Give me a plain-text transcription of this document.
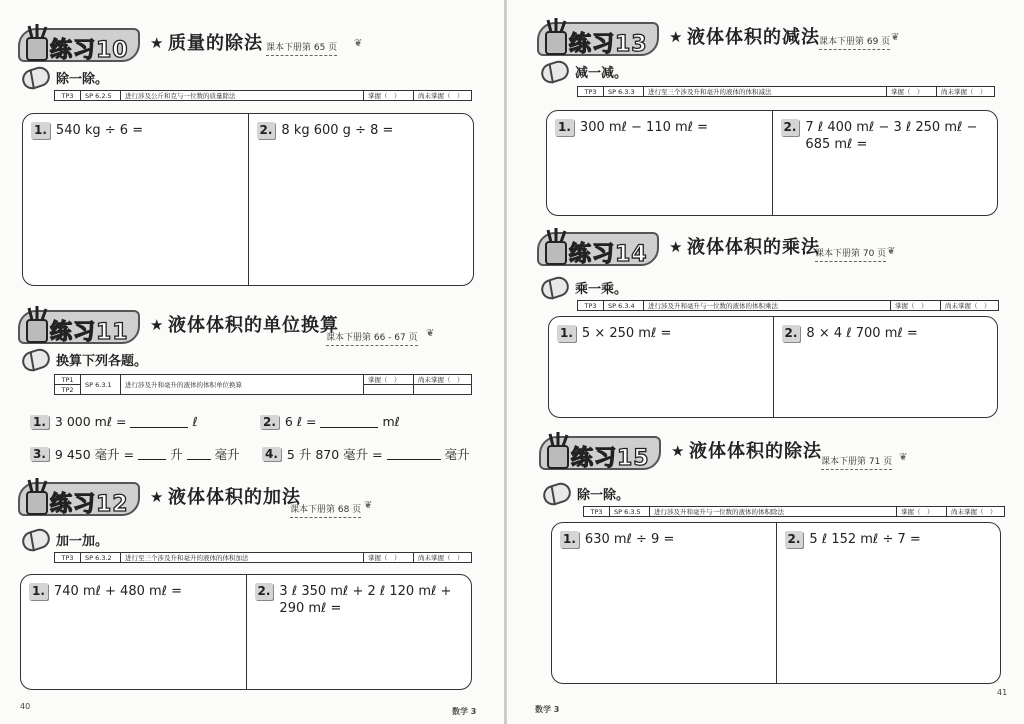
练习10 ★ 质量的除法 课本下册第 65 页 ❦
除一除。
TP3	SP 6.2.5	进行涉及公斤和克与一位数的质量除法	掌握（　）	尚未掌握（　）
1. 540 kg ÷ 6 =	2. 8 kg 600 g ÷ 8 =
练习11 ★ 液体体积的单位换算
课本下册第 66 - 67 页 ❦
换算下列各题。
TP1	SP 6.3.1	进行涉及升和毫升的液体的体积单位换算	掌握（　）	尚未掌握（　）
TP2				
1. 3 000 mℓ =	ℓ	2. 6 ℓ =	mℓ
3. 9 450 毫升 =	升	毫升 4. 5 升 870 毫升 =	毫升
练习12 ★ 液体体积的加法
课本下册第 68 页 ❦
加一加。
TP3	SP 6.3.2	进行至三个涉及升和毫升的液体的体积加法	掌握（　）	尚未掌握（　）
1. 740 mℓ + 480 mℓ =	2. 3 ℓ 350 mℓ + 2 ℓ 120 mℓ +
290 mℓ =
40
数学 3
练习13 ★ 液体体积的减法 课本下册第 69 页 ❦
减一减。
TP3	SP 6.3.3	进行至三个涉及升和毫升的液体的体积减法	掌握（　）	尚未掌握（　）
1. 300 mℓ − 110 mℓ =	2. 7 ℓ 400 mℓ − 3 ℓ 250 mℓ −
685 mℓ =
练习14 ★ 液体体积的乘法
课本下册第 70 页 ❦
乘一乘。
TP3	SP 6.3.4	进行涉及升和毫升与一位数的液体的体积乘法	掌握（　）	尚未掌握（　）
1. 5 × 250 mℓ =	2. 8 × 4 ℓ 700 mℓ =
练习15 ★ 液体体积的除法 课本下册第 71 页 ❦
除一除。
TP3	SP 6.3.5	进行涉及升和毫升与一位数的液体的体积除法	掌握（　）	尚未掌握（　）
1. 630 mℓ ÷ 9 =	2. 5 ℓ 152 mℓ ÷ 7 =
数学 3
41
